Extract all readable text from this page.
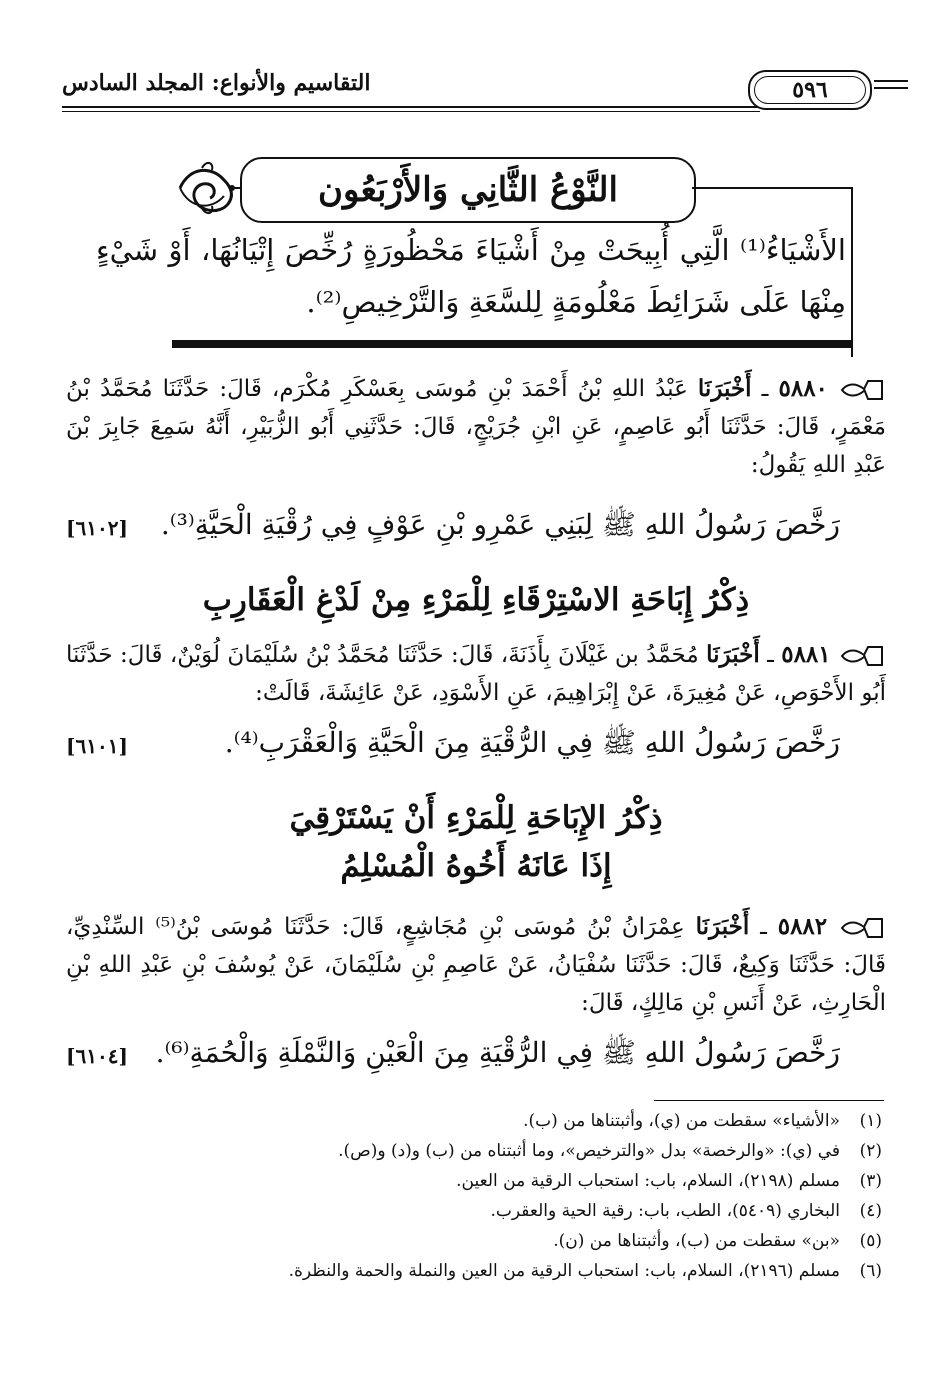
التقاسيم والأنواع: المجلد السادس	٥٩٦
النَّوْعُ الثَّانِي وَالأَرْبَعُون
الأَشْيَاءُ⁽¹⁾ الَّتِي أُبِيحَتْ مِنْ أَشْيَاءَ مَحْظُورَةٍ رُخِّصَ إِتْيَانُهَا، أَوْ شَيْءٍ مِنْهَا عَلَى شَرَائِطَ مَعْلُومَةٍ لِلسَّعَةِ وَالتَّرْخِيصِ⁽²⁾.
٥٨٨٠ ـ أَخْبَرَنَا عَبْدُ اللهِ بْنُ أَحْمَدَ بْنِ مُوسَى بِعَسْكَرِ مُكْرَم، قَالَ: حَدَّثَنَا مُحَمَّدُ بْنُ مَعْمَرٍ، قَالَ: حَدَّثَنَا أَبُو عَاصِمٍ، عَنِ ابْنِ جُرَيْجٍ، قَالَ: حَدَّثَنِي أَبُو الزُّبَيْرِ، أَنَّهُ سَمِعَ جَابِرَ بْنَ عَبْدِ اللهِ يَقُولُ:
رَخَّصَ رَسُولُ اللهِ ﷺ لِبَنِي عَمْرِو بْنِ عَوْفٍ فِي رُقْيَةِ الْحَيَّةِ⁽³⁾.
[٦١٠٢]
ذِكْرُ إِبَاحَةِ الاسْتِرْقَاءِ لِلْمَرْءِ مِنْ لَدْغِ الْعَقَارِبِ
٥٨٨١ ـ أَخْبَرَنَا مُحَمَّدُ بن غَيْلَانَ بِأَذَنَةَ، قَالَ: حَدَّثَنَا مُحَمَّدُ بْنُ سُلَيْمَانَ لُوَيْنٌ، قَالَ: حَدَّثَنَا أَبُو الأَحْوَصِ، عَنْ مُغِيرَةَ، عَنْ إِبْرَاهِيمَ، عَنِ الأَسْوَدِ، عَنْ عَائِشَةَ، قَالَتْ:
رَخَّصَ رَسُولُ اللهِ ﷺ فِي الرُّقْيَةِ مِنَ الْحَيَّةِ وَالْعَقْرَبِ⁽⁴⁾.
[٦١٠١]
ذِكْرُ الإِبَاحَةِ لِلْمَرْءِ أَنْ يَسْتَرْقِيَ
إِذَا عَانَهُ أَخُوهُ الْمُسْلِمُ
٥٨٨٢ ـ أَخْبَرَنَا عِمْرَانُ بْنُ مُوسَى بْنِ مُجَاشِعٍ، قَالَ: حَدَّثَنَا مُوسَى بْنُ⁽⁵⁾ السِّنْدِيِّ، قَالَ: حَدَّثَنَا وَكِيعٌ، قَالَ: حَدَّثَنَا سُفْيَانُ، عَنْ عَاصِمِ بْنِ سُلَيْمَانَ، عَنْ يُوسُفَ بْنِ عَبْدِ اللهِ بْنِ الْحَارِثِ، عَنْ أَنَسِ بْنِ مَالِكٍ، قَالَ:
رَخَّصَ رَسُولُ اللهِ ﷺ فِي الرُّقْيَةِ مِنَ الْعَيْنِ وَالنَّمْلَةِ وَالْحُمَةِ⁽⁶⁾.
[٦١٠٤]
(١)«الأشياء» سقطت من (ي)، وأثبتناها من (ب).
(٢)في (ي): «والرخصة» بدل «والترخيص»، وما أثبتناه من (ب) و(د) و(ص).
(٣)مسلم (٢١٩٨)، السلام، باب: استحباب الرقية من العين.
(٤)البخاري (٥٤٠٩)، الطب، باب: رقية الحية والعقرب.
(٥)«بن» سقطت من (ب)، وأثبتناها من (ن).
(٦)مسلم (٢١٩٦)، السلام، باب: استحباب الرقية من العين والنملة والحمة والنظرة.
